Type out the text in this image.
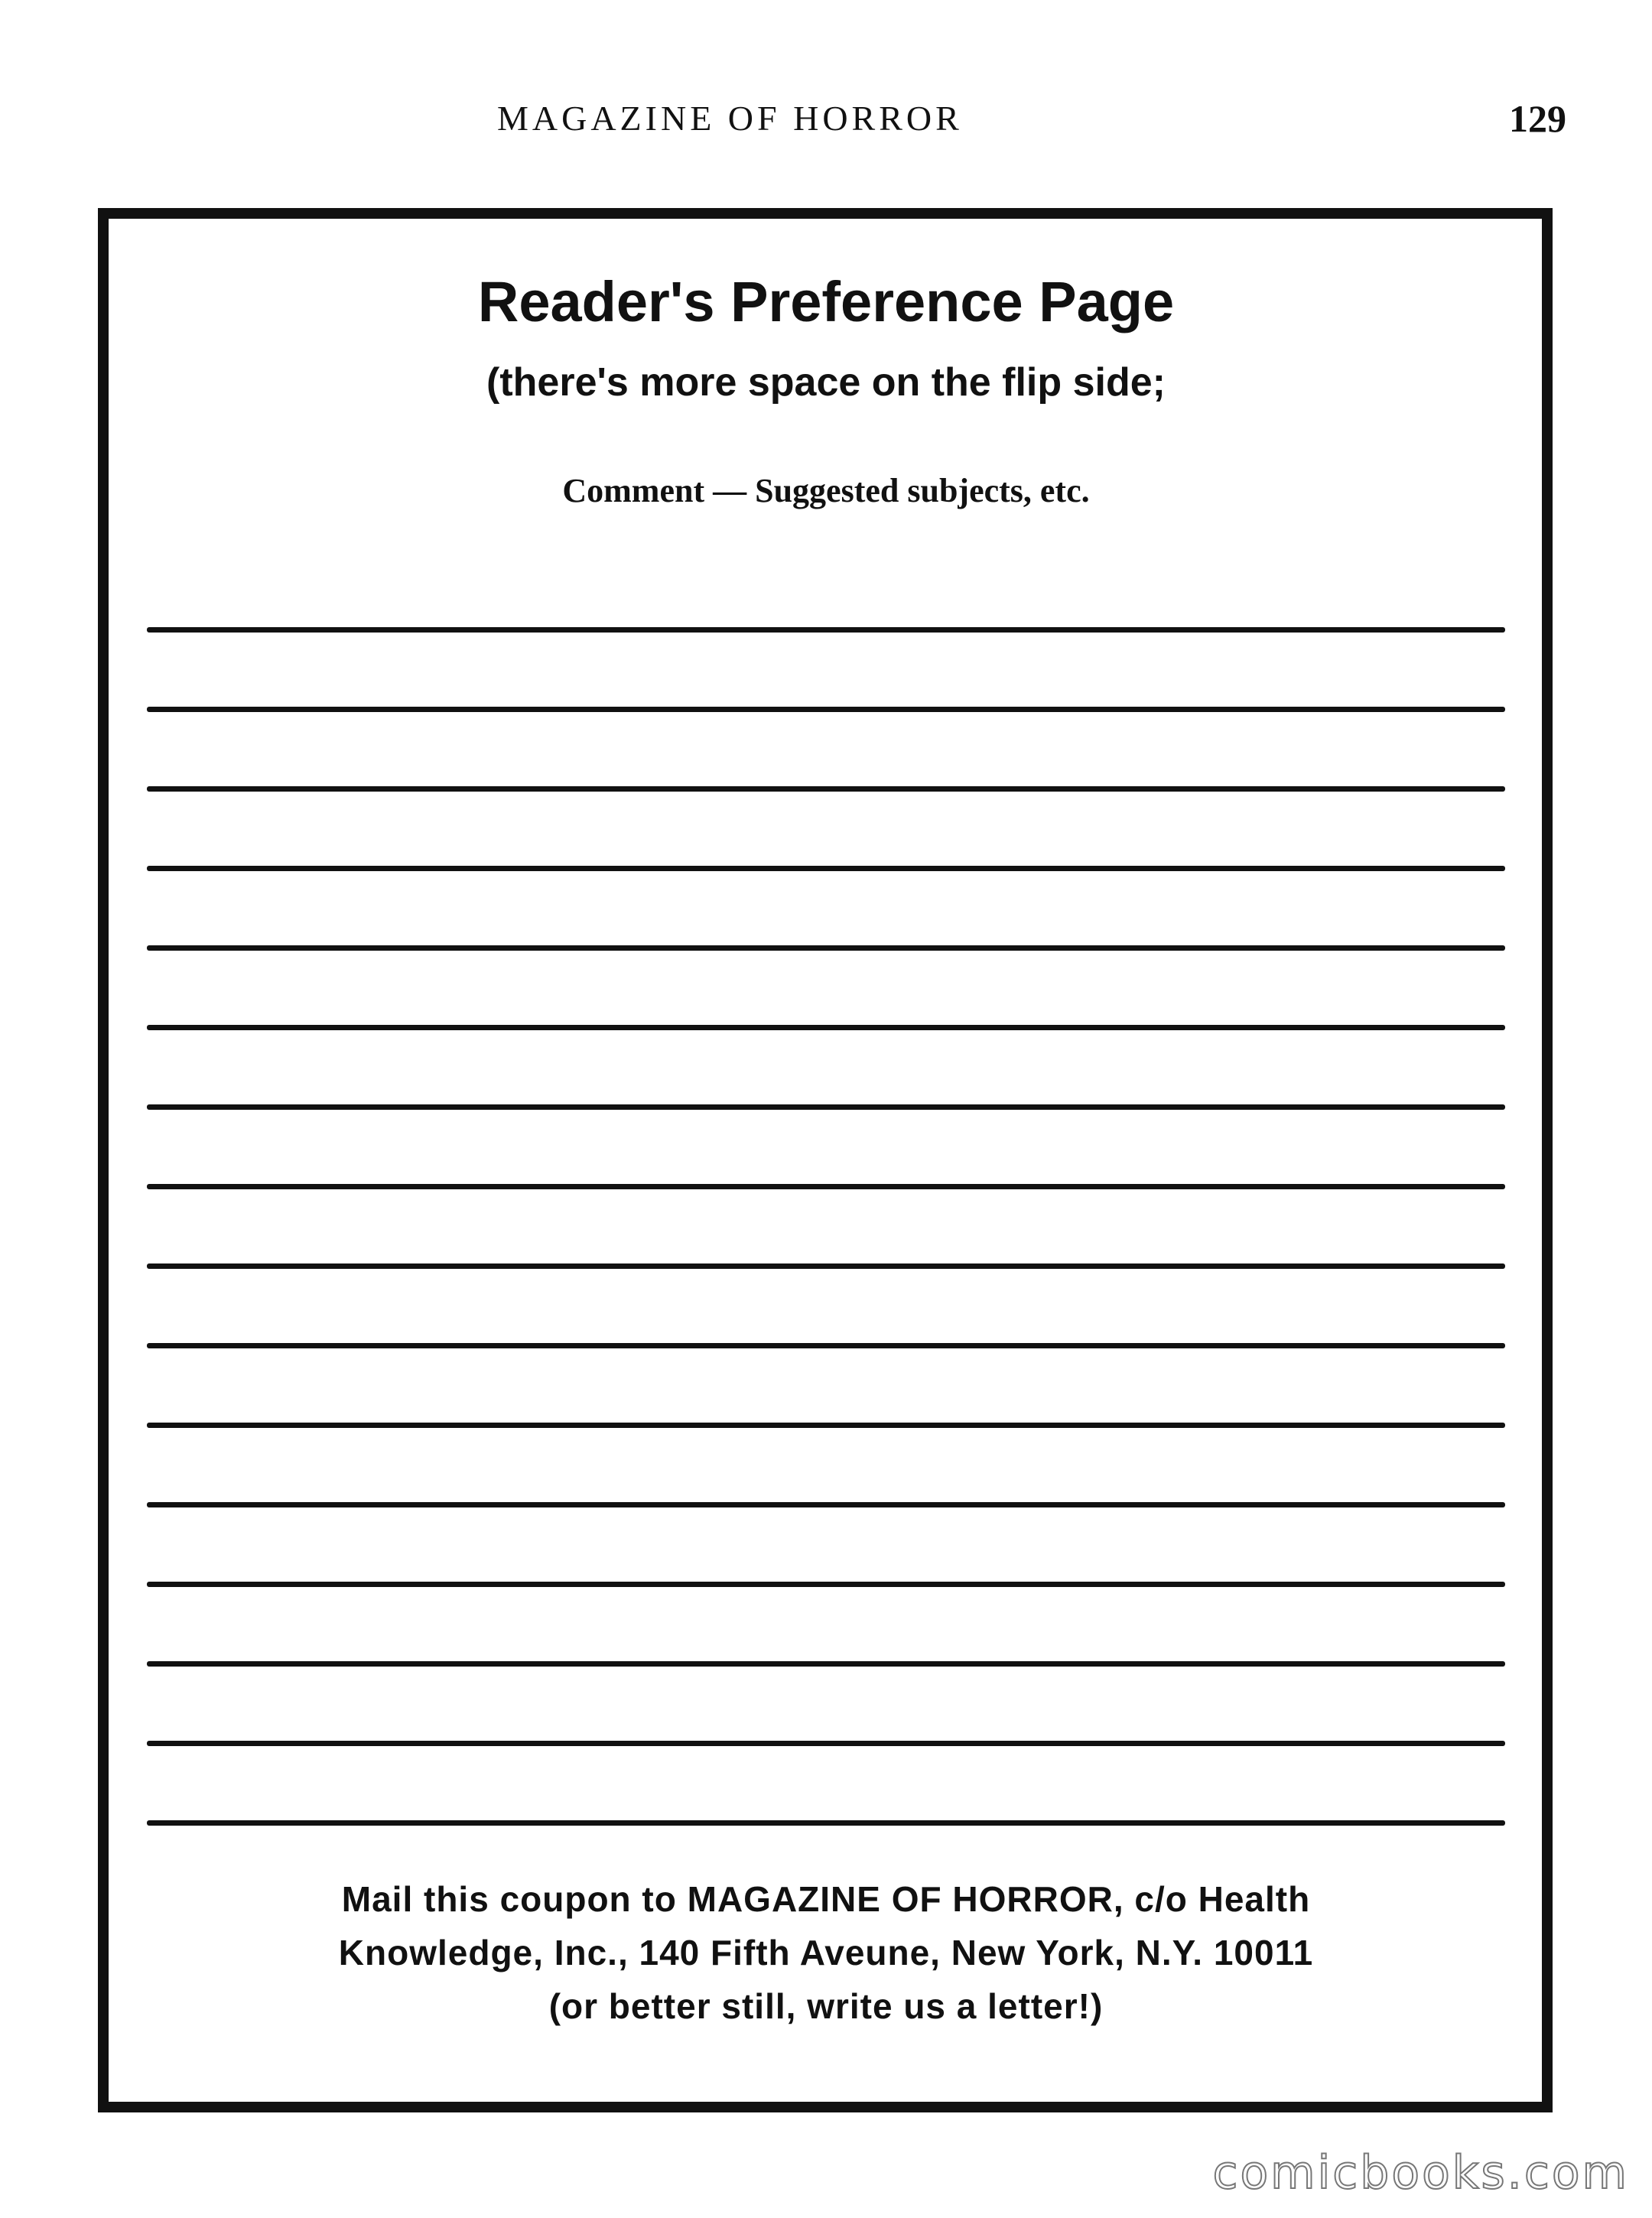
MAGAZINE OF HORROR	129
Reader's Preference Page
(there's more space on the flip side;
Comment — Suggested subjects, etc.
Mail this coupon to MAGAZINE OF HORROR, c/o Health
Knowledge, Inc., 140 Fifth Aveune, New York, N.Y. 10011
(or better still, write us a letter!)
comicbooks.com
